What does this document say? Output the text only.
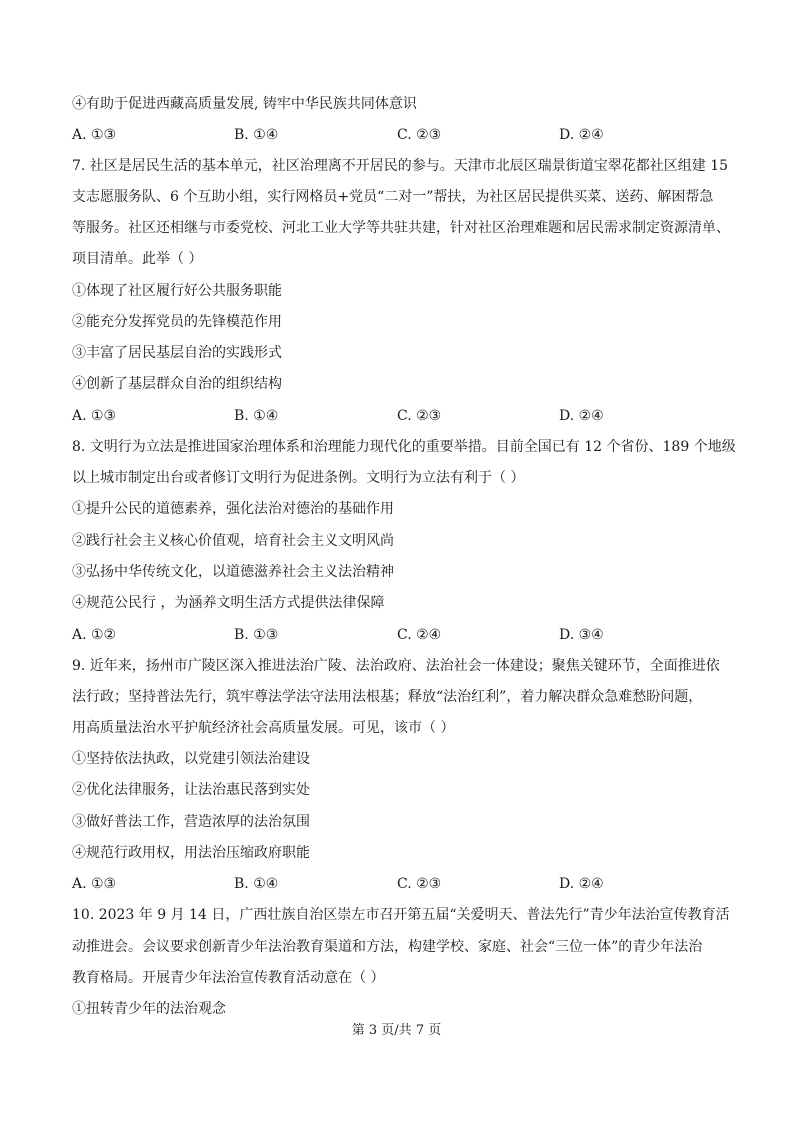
④有助于促进西藏高质量发展, 铸牢中华民族共同体意识
A. ①③	B. ①④	C. ②③	D. ②④
7. 社区是居民生活的基本单元，社区治理离不开居民的参与。天津市北辰区瑞景街道宝翠花都社区组建 15
支志愿服务队、6 个互助小组，实行网格员+党员“二对一”帮扶，为社区居民提供买菜、送药、解困帮急
等服务。社区还相继与市委党校、河北工业大学等共驻共建，针对社区治理难题和居民需求制定资源清单、
项目清单。此举（ ）
①体现了社区履行好公共服务职能
②能充分发挥党员的先锋模范作用
③丰富了居民基层自治的实践形式
④创新了基层群众自治的组织结构
A. ①③	B. ①④	C. ②③	D. ②④
8. 文明行为立法是推进国家治理体系和治理能力现代化的重要举措。目前全国已有 12 个省份、189 个地级
以上城市制定出台或者修订文明行为促进条例。文明行为立法有利于（ ）
①提升公民的道德素养，强化法治对德治的基础作用
②践行社会主义核心价值观，培育社会主义文明风尚
③弘扬中华传统文化，以道德滋养社会主义法治精神
④规范公民行 ，为涵养文明生活方式提供法律保障
A. ①②	B. ①③	C. ②④	D. ③④
9. 近年来，扬州市广陵区深入推进法治广陵、法治政府、法治社会一体建设；聚焦关键环节，全面推进依
法行政；坚持普法先行，筑牢尊法学法守法用法根基；释放“法治红利”，着力解决群众急难愁盼问题，
用高质量法治水平护航经济社会高质量发展。可见，该市（ ）
①坚持依法执政，以党建引领法治建设
②优化法律服务，让法治惠民落到实处
③做好普法工作，营造浓厚的法治氛围
④规范行政用权，用法治压缩政府职能
A. ①③	B. ①④	C. ②③	D. ②④
10. 2023 年 9 月 14 日，广西壮族自治区崇左市召开第五届“关爱明天、普法先行”青少年法治宣传教育活
动推进会。会议要求创新青少年法治教育渠道和方法，构建学校、家庭、社会“三位一体”的青少年法治
教育格局。开展青少年法治宣传教育活动意在（ ）
①扭转青少年的法治观念
第 3 页/共 7 页
